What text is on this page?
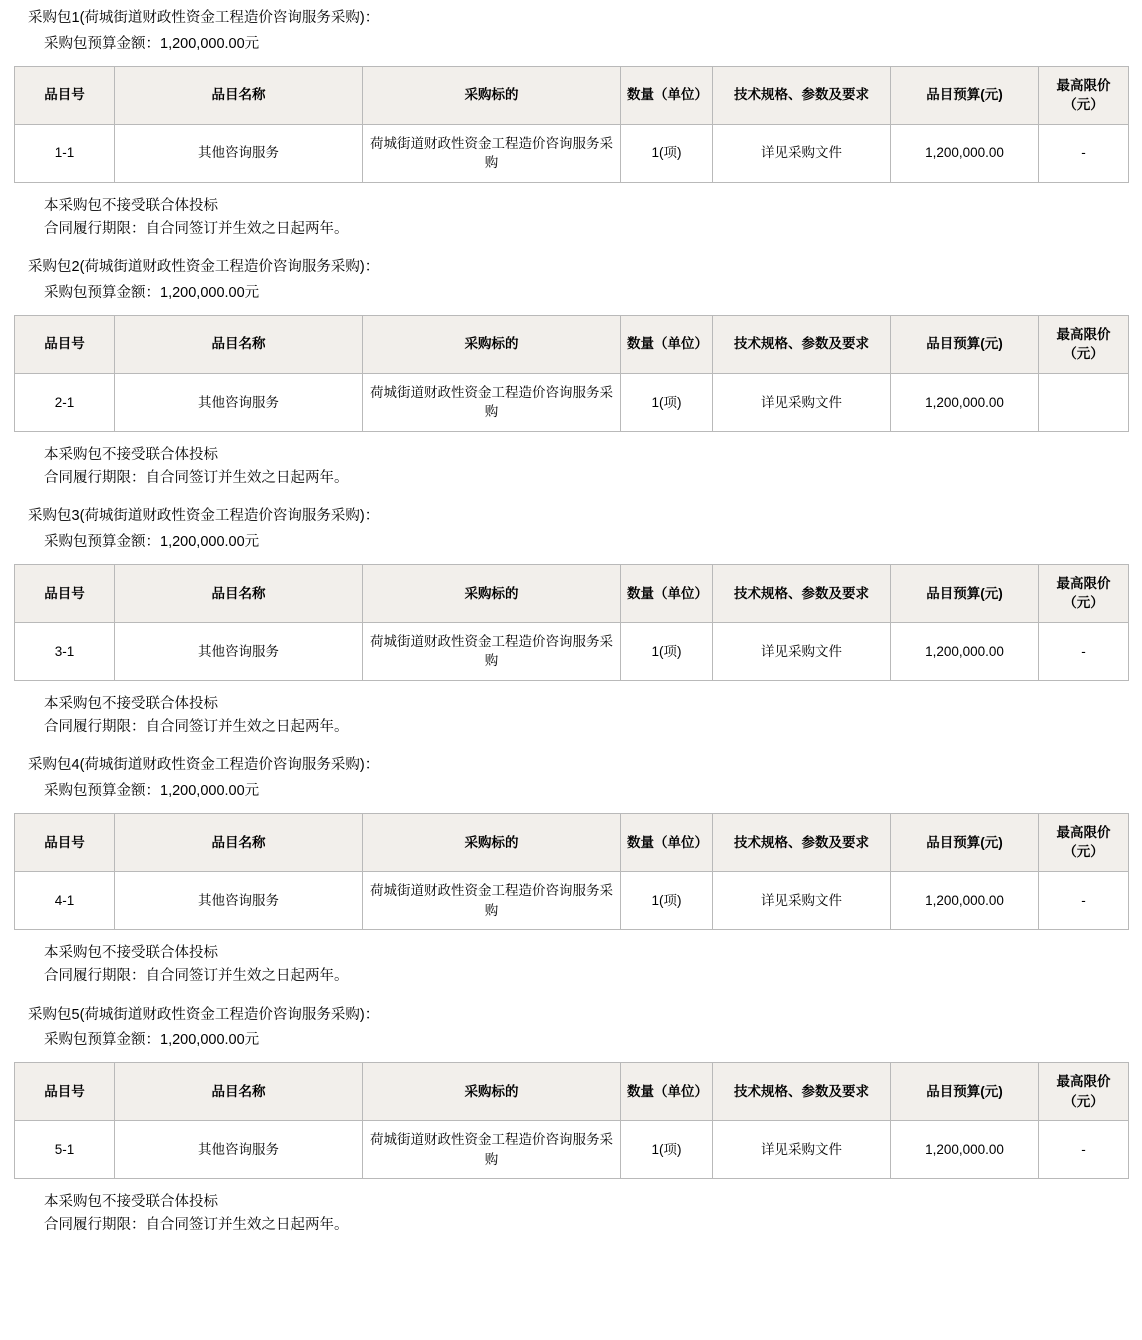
采购包1(荷城街道财政性资金工程造价咨询服务采购)：

采购包预算金额：1,200,000.00元

品目号	品目名称	采购标的	数量（单位）	技术规格、参数及要求	品目预算(元)	最高限价（元）
1-1	其他咨询服务	荷城街道财政性资金工程造价咨询服务采购	1(项)	详见采购文件	1,200,000.00	-

本采购包不接受联合体投标

合同履行期限：自合同签订并生效之日起两年。

采购包2(荷城街道财政性资金工程造价咨询服务采购)：

采购包预算金额：1,200,000.00元

品目号	品目名称	采购标的	数量（单位）	技术规格、参数及要求	品目预算(元)	最高限价（元）
2-1	其他咨询服务	荷城街道财政性资金工程造价咨询服务采购	1(项)	详见采购文件	1,200,000.00	

本采购包不接受联合体投标

合同履行期限：自合同签订并生效之日起两年。

采购包3(荷城街道财政性资金工程造价咨询服务采购)：

采购包预算金额：1,200,000.00元

品目号	品目名称	采购标的	数量（单位）	技术规格、参数及要求	品目预算(元)	最高限价（元）
3-1	其他咨询服务	荷城街道财政性资金工程造价咨询服务采购	1(项)	详见采购文件	1,200,000.00	-

本采购包不接受联合体投标

合同履行期限：自合同签订并生效之日起两年。

采购包4(荷城街道财政性资金工程造价咨询服务采购)：

采购包预算金额：1,200,000.00元

品目号	品目名称	采购标的	数量（单位）	技术规格、参数及要求	品目预算(元)	最高限价（元）
4-1	其他咨询服务	荷城街道财政性资金工程造价咨询服务采购	1(项)	详见采购文件	1,200,000.00	-

本采购包不接受联合体投标

合同履行期限：自合同签订并生效之日起两年。

采购包5(荷城街道财政性资金工程造价咨询服务采购)：

采购包预算金额：1,200,000.00元

品目号	品目名称	采购标的	数量（单位）	技术规格、参数及要求	品目预算(元)	最高限价（元）
5-1	其他咨询服务	荷城街道财政性资金工程造价咨询服务采购	1(项)	详见采购文件	1,200,000.00	-

本采购包不接受联合体投标

合同履行期限：自合同签订并生效之日起两年。
